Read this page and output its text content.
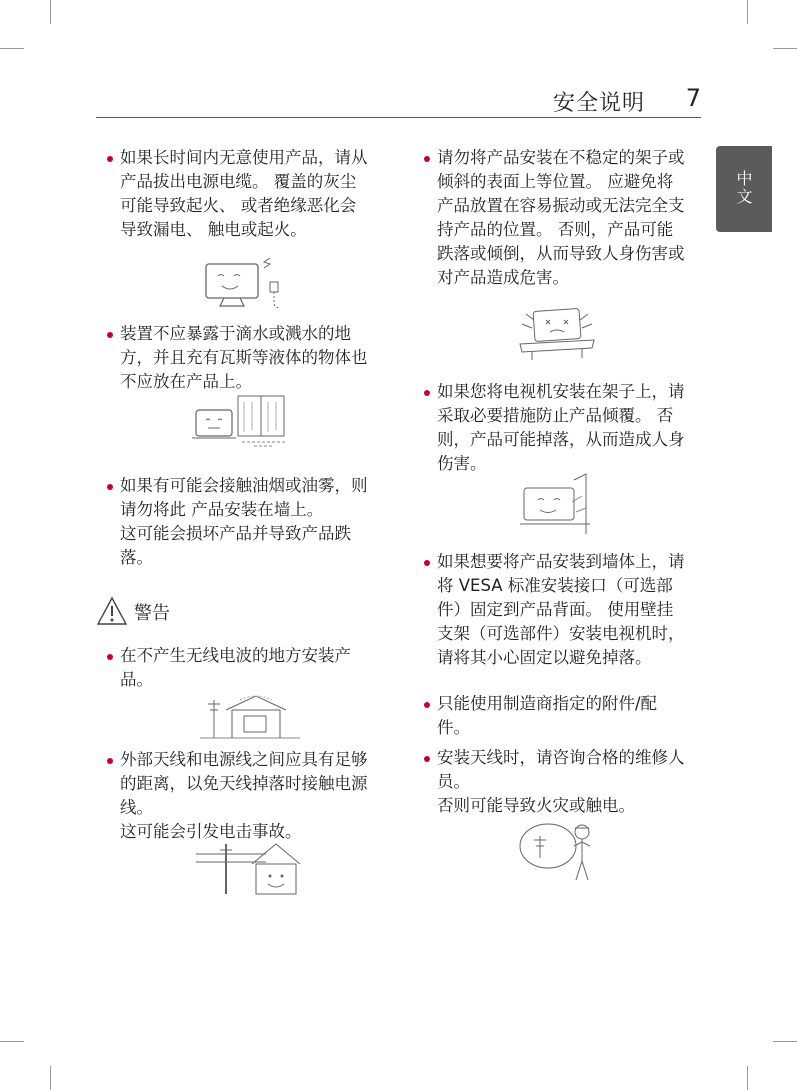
安全说明 7
中文

如果长时间内无意使用产品，请从产品拔出电源电缆。 覆盖的灰尘可能导致起火、 或者绝缘恶化会导致漏电、 触电或起火。

装置不应暴露于滴水或溅水的地方，并且充有瓦斯等液体的物体也不应放在产品上。

如果有可能会接触油烟或油雾，则请勿将此 产品安装在墙上。

这可能会损坏产品并导致产品跌落。

警告

在不产生无线电波的地方安装产品。

外部天线和电源线之间应具有足够的距离，以免天线掉落时接触电源线。

这可能会引发电击事故。

请勿将产品安装在不稳定的架子或倾斜的表面上等位置。 应避免将产品放置在容易振动或无法完全支持产品的位置。 否则，产品可能跌落或倾倒，从而导致人身伤害或对产品造成危害。

如果您将电视机安装在架子上，请采取必要措施防止产品倾覆。 否则，产品可能掉落，从而造成人身伤害。

如果想要将产品安装到墙体上，请将 VESA 标准安装接口（可选部件）固定到产品背面。 使用壁挂支架（可选部件）安装电视机时，请将其小心固定以避免掉落。

只能使用制造商指定的附件/配件。

安装天线时，请咨询合格的维修人员。

否则可能导致火灾或触电。
